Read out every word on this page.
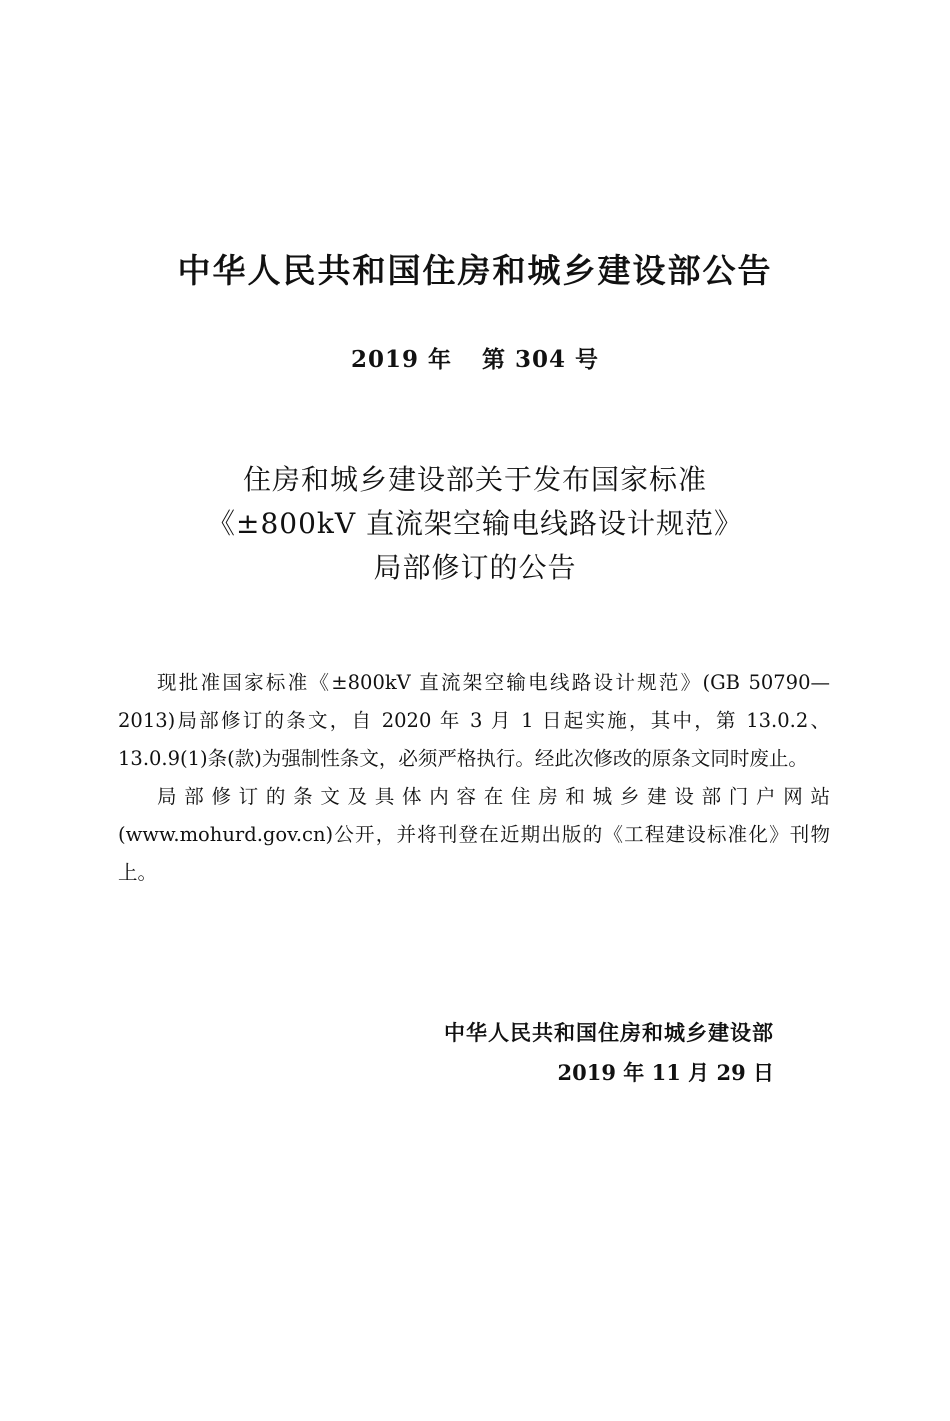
中华人民共和国住房和城乡建设部公告
2019 年 第 304 号
住房和城乡建设部关于发布国家标准
《±800kV 直流架空输电线路设计规范》
局部修订的公告

现批准国家标准《±800kV 直流架空输电线路设计规范》(GB 50790—2013)局部修订的条文，自 2020 年 3 月 1 日起实施，其中，第 13.0.2、13.0.9(1)条(款)为强制性条文，必须严格执行。经此次修改的原条文同时废止。

局部修订的条文及具体内容在住房和城乡建设部门户网站(www.mohurd.gov.cn)公开，并将刊登在近期出版的《工程建设标准化》刊物上。

中华人民共和国住房和城乡建设部
2019 年 11 月 29 日
